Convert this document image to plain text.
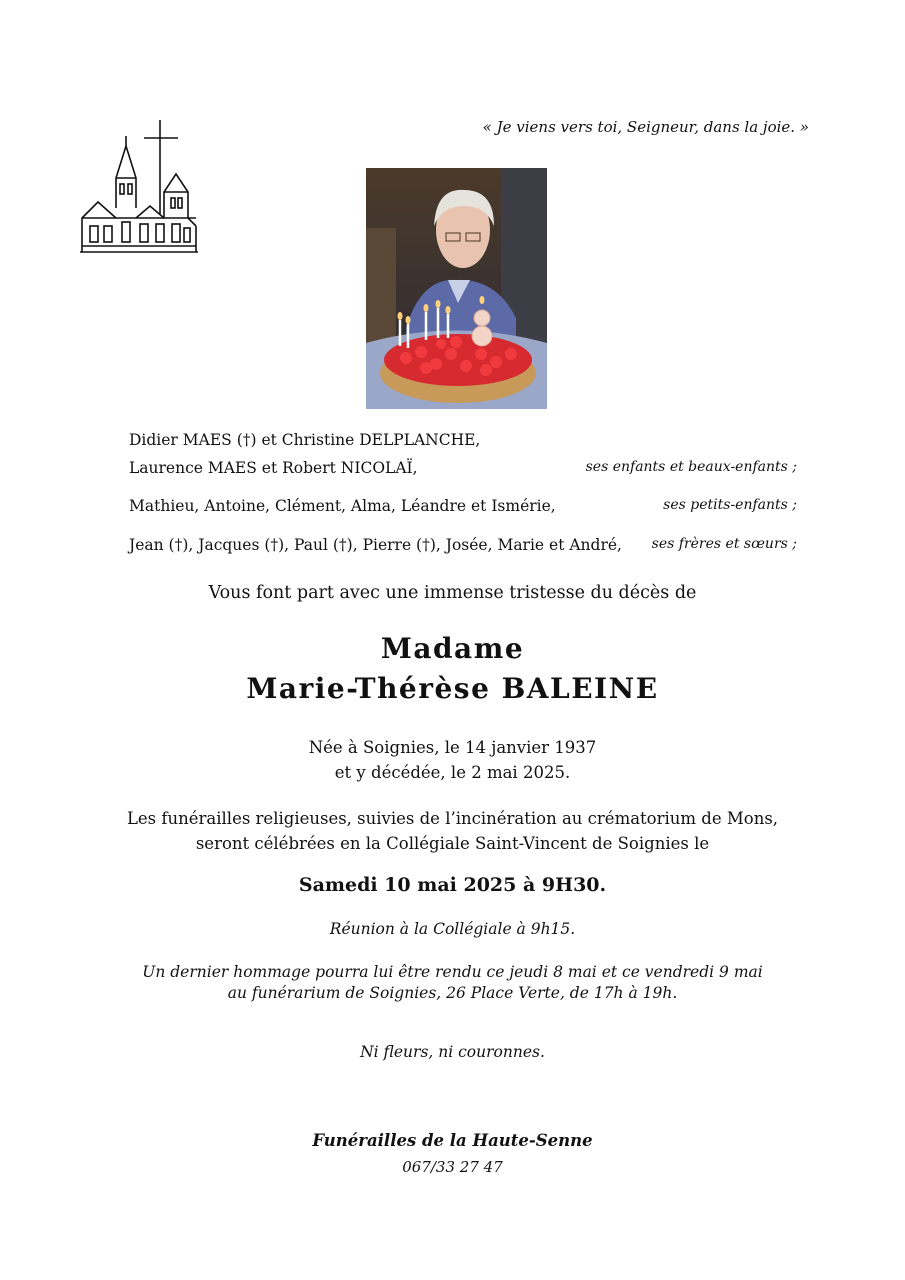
« Je viens vers toi, Seigneur, dans la joie. »
Didier MAES (†) et Christine DELPLANCHE,
Laurence MAES et Robert NICOLAÏ,	ses enfants et beaux-enfants ;
Mathieu, Antoine, Clément, Alma, Léandre et Ismérie,	ses petits-enfants ;
Jean (†), Jacques (†), Paul (†), Pierre (†), Josée, Marie et André, ses frères et sœurs ;
Vous font part avec une immense tristesse du décès de
Madame
Marie-Thérèse BALEINE
Née à Soignies, le 14 janvier 1937
et y décédée, le 2 mai 2025.
Les funérailles religieuses, suivies de l’incinération au crématorium de Mons,
seront célébrées en la Collégiale Saint-Vincent de Soignies le
Samedi 10 mai 2025 à 9H30.
Réunion à la Collégiale à 9h15.
Un dernier hommage pourra lui être rendu ce jeudi 8 mai et ce vendredi 9 mai
au funérarium de Soignies, 26 Place Verte, de 17h à 19h.
Ni fleurs, ni couronnes.
Funérailles de la Haute-Senne
067/33 27 47
